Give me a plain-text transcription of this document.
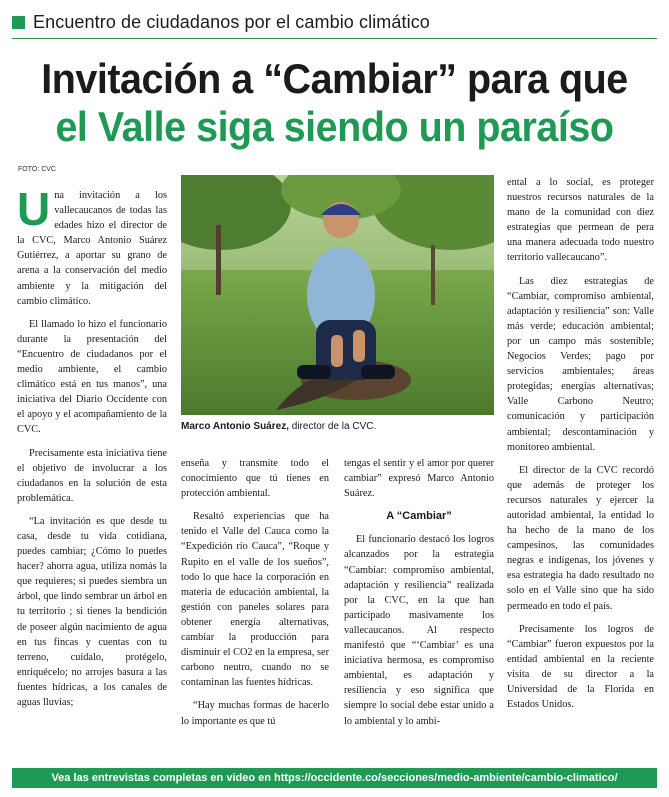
Encuentro de ciudadanos por el cambio climático
Invitación a “Cambiar” para que
el Valle siga siendo un paraíso
FOTO: CVC

Una invitación a los vallecaucanos de todas las edades hizo el director de la CVC, Marco Antonio Suárez Gutiérrez, a aportar su grano de arena a la conservación del medio ambiente y la mitigación del cambio climático.

El llamado lo hizo el funcionario durante la presentación del “Encuentro de ciudadanos por el medio ambiente, el cambio climático está en tus manos”, una iniciativa del Diario Occidente con el apoyo y el acompañamiento de la CVC.

Precisamente esta iniciativa tiene el objetivo de involucrar a los ciudadanos en la solución de esta problemática.

“La invitación es que desde tu casa, desde tu vida cotidiana, puedes cambiar; ¿Cómo lo puedes hacer? ahorra agua, utiliza nomás la que requieres; si puedes siembra un árbol, que lindo sembrar un árbol en tu territorio ; si tienes la bendición de poseer algún nacimiento de agua en tus fincas y cuentas con tu terreno, cuídalo, protégelo, enriquécelo; no arrojes basura a las fuentes hídricas, a los canales de aguas lluvias;

Marco Antonio Suárez, director de la CVC.

enseña y transmite todo el conocimiento que tú tienes en protección ambiental.

Resaltó experiencias que ha tenido el Valle del Cauca como la “Expedición río Cauca”, “Roque y Rupito en el valle de los sueños”, todo lo que hace la corporación en materia de educación ambiental, la gestión con paneles solares para obtener energía alternativas, cambiar la producción para disminuir el CO2 en la empresa, ser carbono neutro, cuando no se contaminan las fuentes hídricas.

“Hay muchas formas de hacerlo lo importante es que tú

tengas el sentir y el amor por querer cambiar” expresó Marco Antonio Suárez.

A “Cambiar”

El funcionario destacó los logros alcanzados por la estrategia “Cambiar: compromiso ambiental, adaptación y resiliencia” realizada por la CVC, en la que han participado masivamente los vallecaucanos. Al respecto manifestó que “‘Cambiar’ es una iniciativa hermosa, es compromiso ambiental, es adaptación y resiliencia y eso significa que siempre lo social debe estar unido a lo ambiental y lo ambi-

ental a lo social, es proteger nuestros recursos naturales de la mano de la comunidad con diez estrategias que permean de pera una manera adecuada todo nuestro territorio vallecaucano”.

Las diez estrategias de “Cambiar, compromiso ambiental, adaptación y resiliencia” son: Valle más verde; educación ambiental; por un campo más sostenible; Negocios Verdes; pago por servicios ambientales; áreas protegidas; energías alternativas; Valle Carbono Neutro; comunicación y participación ambiental; descontaminación y monitoreo ambiental.

El director de la CVC recordó que además de proteger los recursos naturales y ejercer la autoridad ambiental, la entidad lo ha hecho de la mano de los campesinos, las comunidades negras e indígenas, los jóvenes y esa estrategia ha dado resultado no solo en el Valle sino que ha sido permeado en todo el país.

Precisamente los logros de “Cambiar” fueron expuestos por la entidad ambiental en la reciente visita de su director a la Universidad de la Florida en Estados Unidos.

Vea las entrevistas completas en video en https://occidente.co/secciones/medio-ambiente/cambio-climatico/
